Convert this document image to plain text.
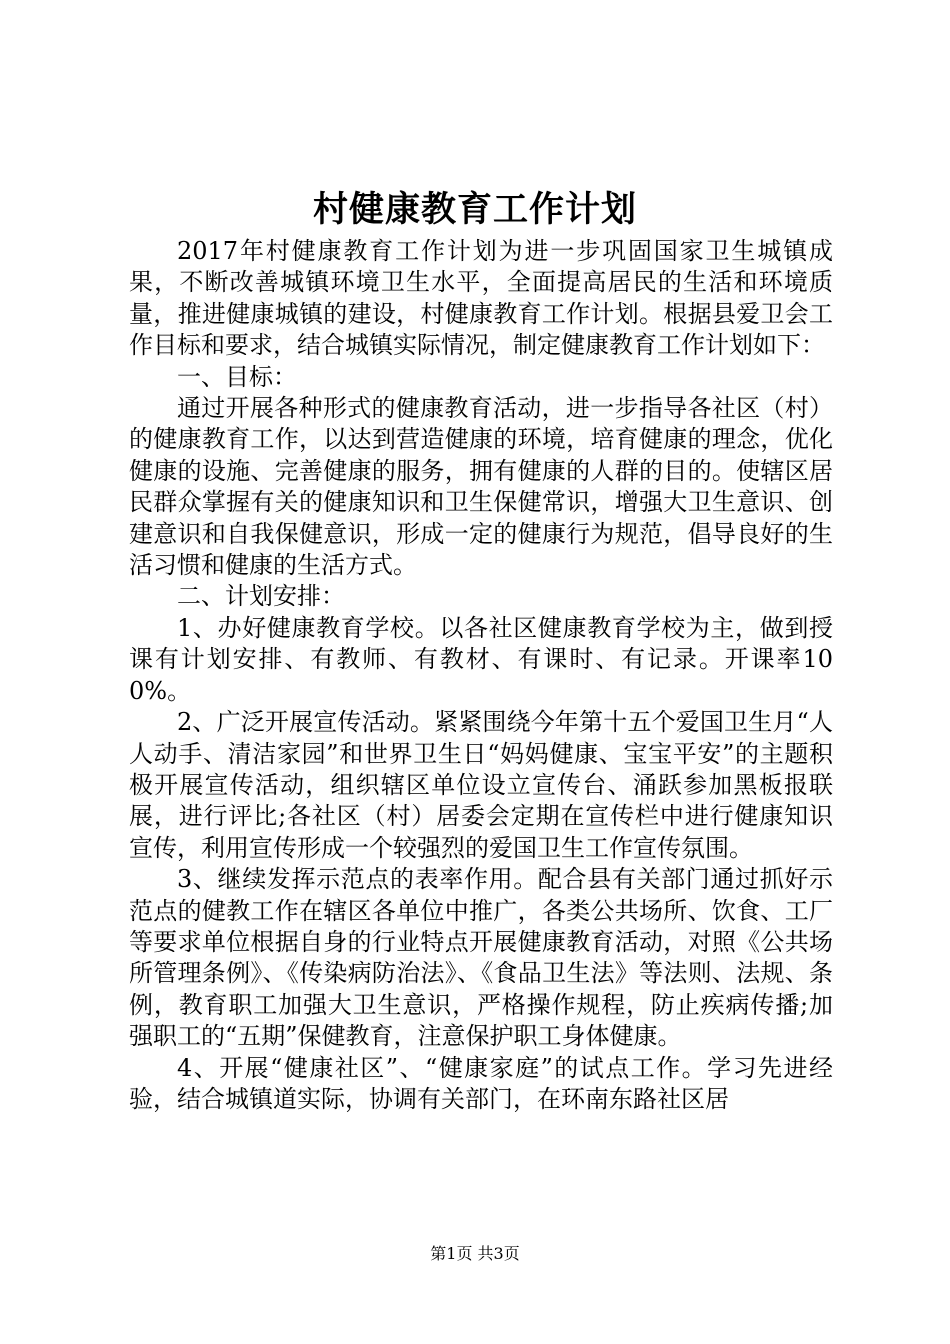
村健康教育工作计划

2017年村健康教育工作计划为进一步巩固国家卫生城镇成果，不断改善城镇环境卫生水平，全面提高居民的生活和环境质量，推进健康城镇的建设，村健康教育工作计划。根据县爱卫会工作目标和要求，结合城镇实际情况，制定健康教育工作计划如下：

一、目标：

通过开展各种形式的健康教育活动，进一步指导各社区（村）的健康教育工作，以达到营造健康的环境，培育健康的理念，优化健康的设施、完善健康的服务，拥有健康的人群的目的。使辖区居民群众掌握有关的健康知识和卫生保健常识，增强大卫生意识、创建意识和自我保健意识，形成一定的健康行为规范，倡导良好的生活习惯和健康的生活方式。

二、计划安排：

1、办好健康教育学校。以各社区健康教育学校为主，做到授课有计划安排、有教师、有教材、有课时、有记录。开课率100%。

2、广泛开展宣传活动。紧紧围绕今年第十五个爱国卫生月“人人动手、清洁家园”和世界卫生日“妈妈健康、宝宝平安”的主题积极开展宣传活动，组织辖区单位设立宣传台、涌跃参加黑板报联展，进行评比;各社区（村）居委会定期在宣传栏中进行健康知识宣传，利用宣传形成一个较强烈的爱国卫生工作宣传氛围。

3、继续发挥示范点的表率作用。配合县有关部门通过抓好示范点的健教工作在辖区各单位中推广，各类公共场所、饮食、工厂等要求单位根据自身的行业特点开展健康教育活动，对照《公共场所管理条例》、《传染病防治法》、《食品卫生法》等法则、法规、条例，教育职工加强大卫生意识，严格操作规程，防止疾病传播;加强职工的“五期”保健教育，注意保护职工身体健康。

4、开展“健康社区”、“健康家庭”的试点工作。学习先进经验，结合城镇道实际，协调有关部门，在环南东路社区居

第1页 共3页
